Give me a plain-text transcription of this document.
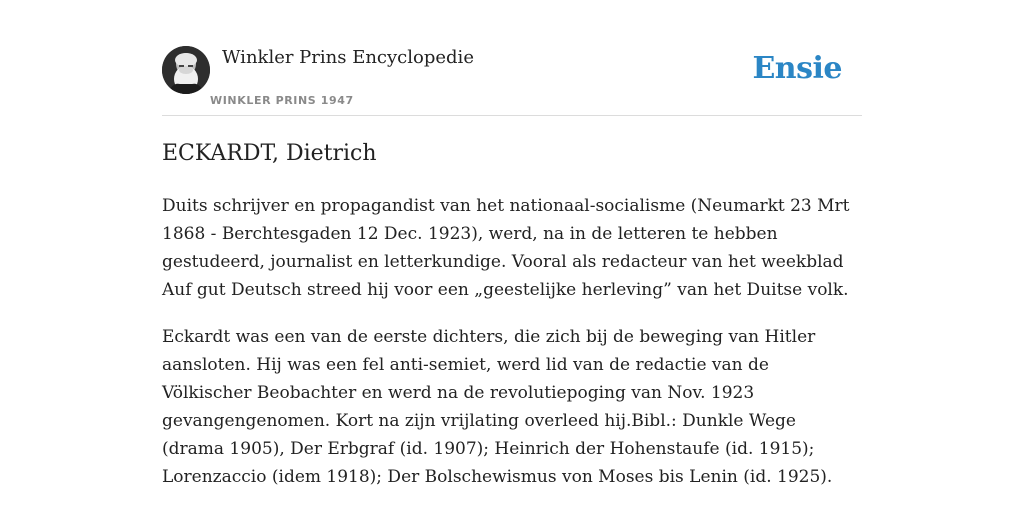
Winkler Prins Encyclopedie
WINKLER PRINS 1947
Ensie
ECKARDT, Dietrich

Duits schrijver en propagandist van het nationaal-socialisme (Neumarkt 23 Mrt 1868 - Berchtesgaden 12 Dec. 1923), werd, na in de letteren te hebben gestudeerd, journalist en letterkundige. Vooral als redacteur van het weekblad Auf gut Deutsch streed hij voor een „geestelijke herleving” van het Duitse volk.

Eckardt was een van de eerste dichters, die zich bij de beweging van Hitler aansloten. Hij was een fel anti-semiet, werd lid van de redactie van de Völkischer Beobachter en werd na de revolutiepoging van Nov. 1923 gevangengenomen. Kort na zijn vrijlating overleed hij.Bibl.: Dunkle Wege (drama 1905), Der Erbgraf (id. 1907); Heinrich der Hohenstaufe (id. 1915); Lorenzaccio (idem 1918); Der Bolschewismus von Moses bis Lenin (id. 1925).
